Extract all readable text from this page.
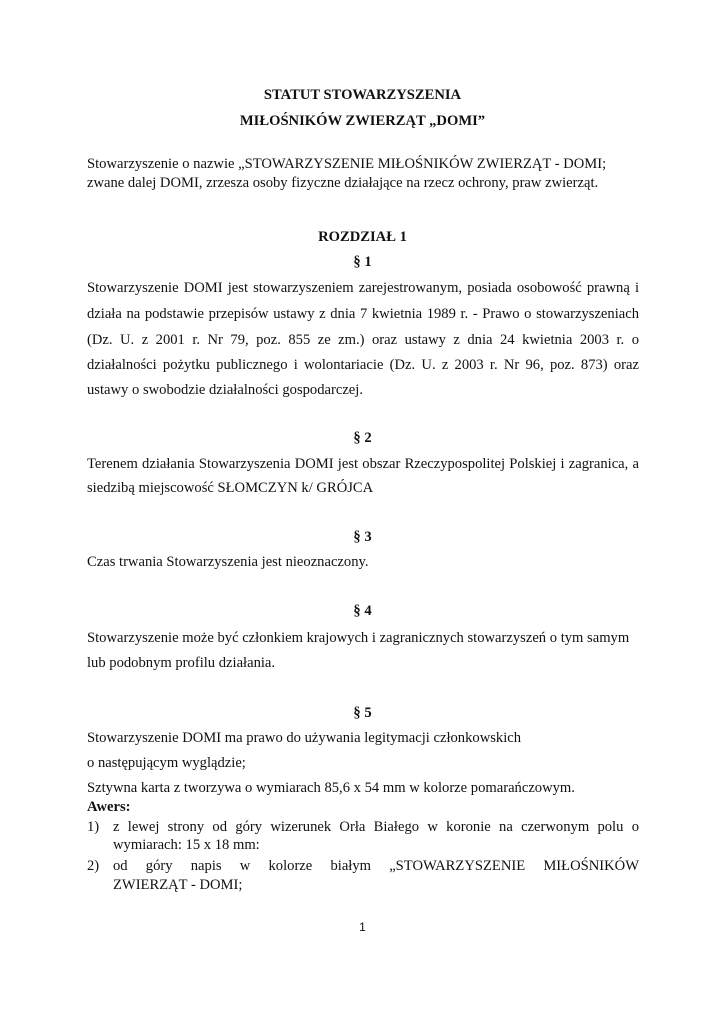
STATUT STOWARZYSZENIA
MIŁOŚNIKÓW ZWIERZĄT „DOMI”
Stowarzyszenie o nazwie „STOWARZYSZENIE MIŁOŚNIKÓW ZWIERZĄT - DOMI;
zwane dalej DOMI, zrzesza osoby fizyczne działające na rzecz ochrony, praw zwierząt.
ROZDZIAŁ 1
§ 1
Stowarzyszenie DOMI jest stowarzyszeniem zarejestrowanym, posiada osobowość prawną i
działa na podstawie przepisów ustawy z dnia 7 kwietnia 1989 r. - Prawo o stowarzyszeniach
(Dz. U. z 2001 r. Nr 79, poz. 855 ze zm.) oraz ustawy z dnia 24 kwietnia 2003 r. o
działalności pożytku publicznego i wolontariacie (Dz. U. z 2003 r. Nr 96, poz. 873) oraz
ustawy o swobodzie działalności gospodarczej.
§ 2
Terenem działania Stowarzyszenia DOMI jest obszar Rzeczypospolitej Polskiej i zagranica, a
siedzibą miejscowość SŁOMCZYN k/ GRÓJCA
§ 3
Czas trwania Stowarzyszenia jest nieoznaczony.
§ 4
Stowarzyszenie może być członkiem krajowych i zagranicznych stowarzyszeń o tym samym
lub podobnym profilu działania.
§ 5
Stowarzyszenie DOMI ma prawo do używania legitymacji członkowskich
o następującym wyglądzie;
Sztywna karta z tworzywa o wymiarach 85,6 x 54 mm w kolorze pomarańczowym.
Awers:
1) z lewej strony od góry wizerunek Orła Białego w koronie na czerwonym polu o
wymiarach: 15 x 18 mm:
2) od góry napis w kolorze białym „STOWARZYSZENIE MIŁOŚNIKÓW
ZWIERZĄT - DOMI;
1
